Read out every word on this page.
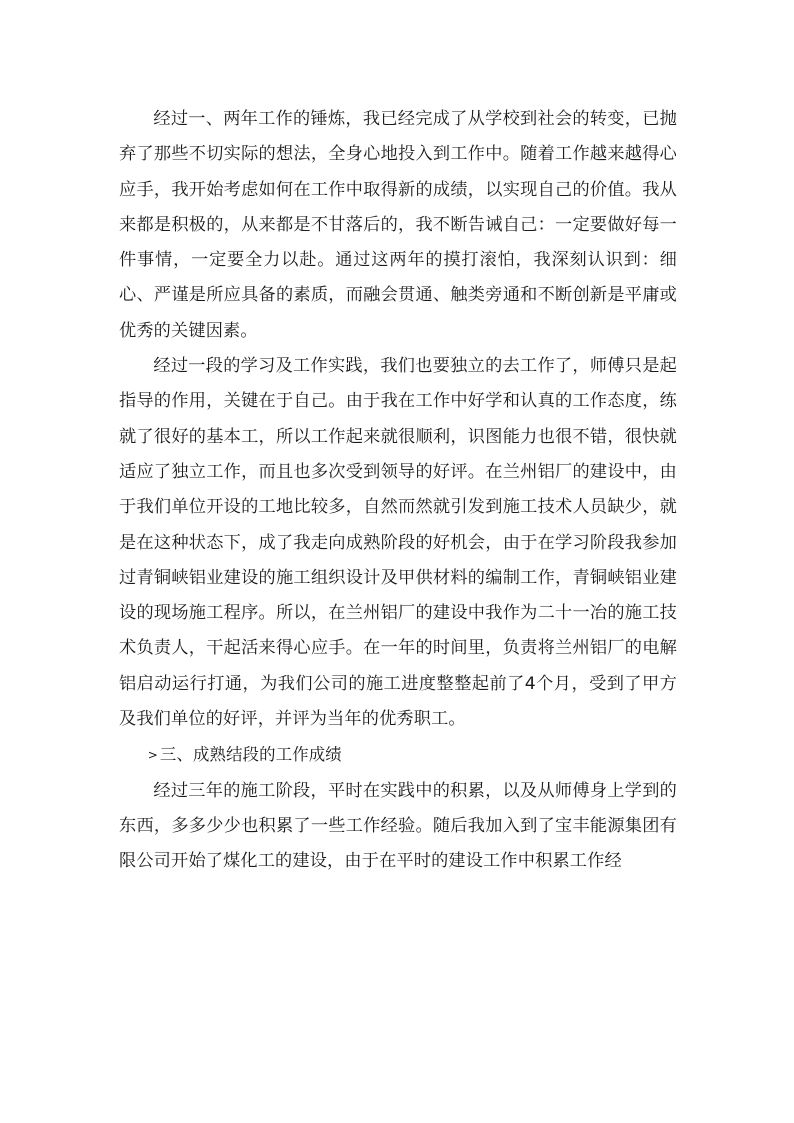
经过一、两年工作的锤炼，我已经完成了从学校到社会的转变，已抛弃了那些不切实际的想法，全身心地投入到工作中。随着工作越来越得心应手，我开始考虑如何在工作中取得新的成绩，以实现自己的价值。我从来都是积极的，从来都是不甘落后的，我不断告诫自己：一定要做好每一件事情，一定要全力以赴。通过这两年的摸打滚怕，我深刻认识到：细心、严谨是所应具备的素质，而融会贯通、触类旁通和不断创新是平庸或优秀的关键因素。

经过一段的学习及工作实践，我们也要独立的去工作了，师傅只是起指导的作用，关键在于自己。由于我在工作中好学和认真的工作态度，练就了很好的基本工，所以工作起来就很顺利，识图能力也很不错，很快就适应了独立工作，而且也多次受到领导的好评。在兰州铝厂的建设中，由于我们单位开设的工地比较多，自然而然就引发到施工技术人员缺少，就是在这种状态下，成了我走向成熟阶段的好机会，由于在学习阶段我参加过青铜峡铝业建设的施工组织设计及甲供材料的编制工作，青铜峡铝业建设的现场施工程序。所以，在兰州铝厂的建设中我作为二十一冶的施工技术负责人，干起活来得心应手。在一年的时间里，负责将兰州铝厂的电解铝启动运行打通，为我们公司的施工进度整整起前了4个月，受到了甲方及我们单位的好评，并评为当年的优秀职工。

> 三、成熟结段的工作成绩

经过三年的施工阶段，平时在实践中的积累，以及从师傅身上学到的东西，多多少少也积累了一些工作经验。随后我加入到了宝丰能源集团有限公司开始了煤化工的建设，由于在平时的建设工作中积累工作经
